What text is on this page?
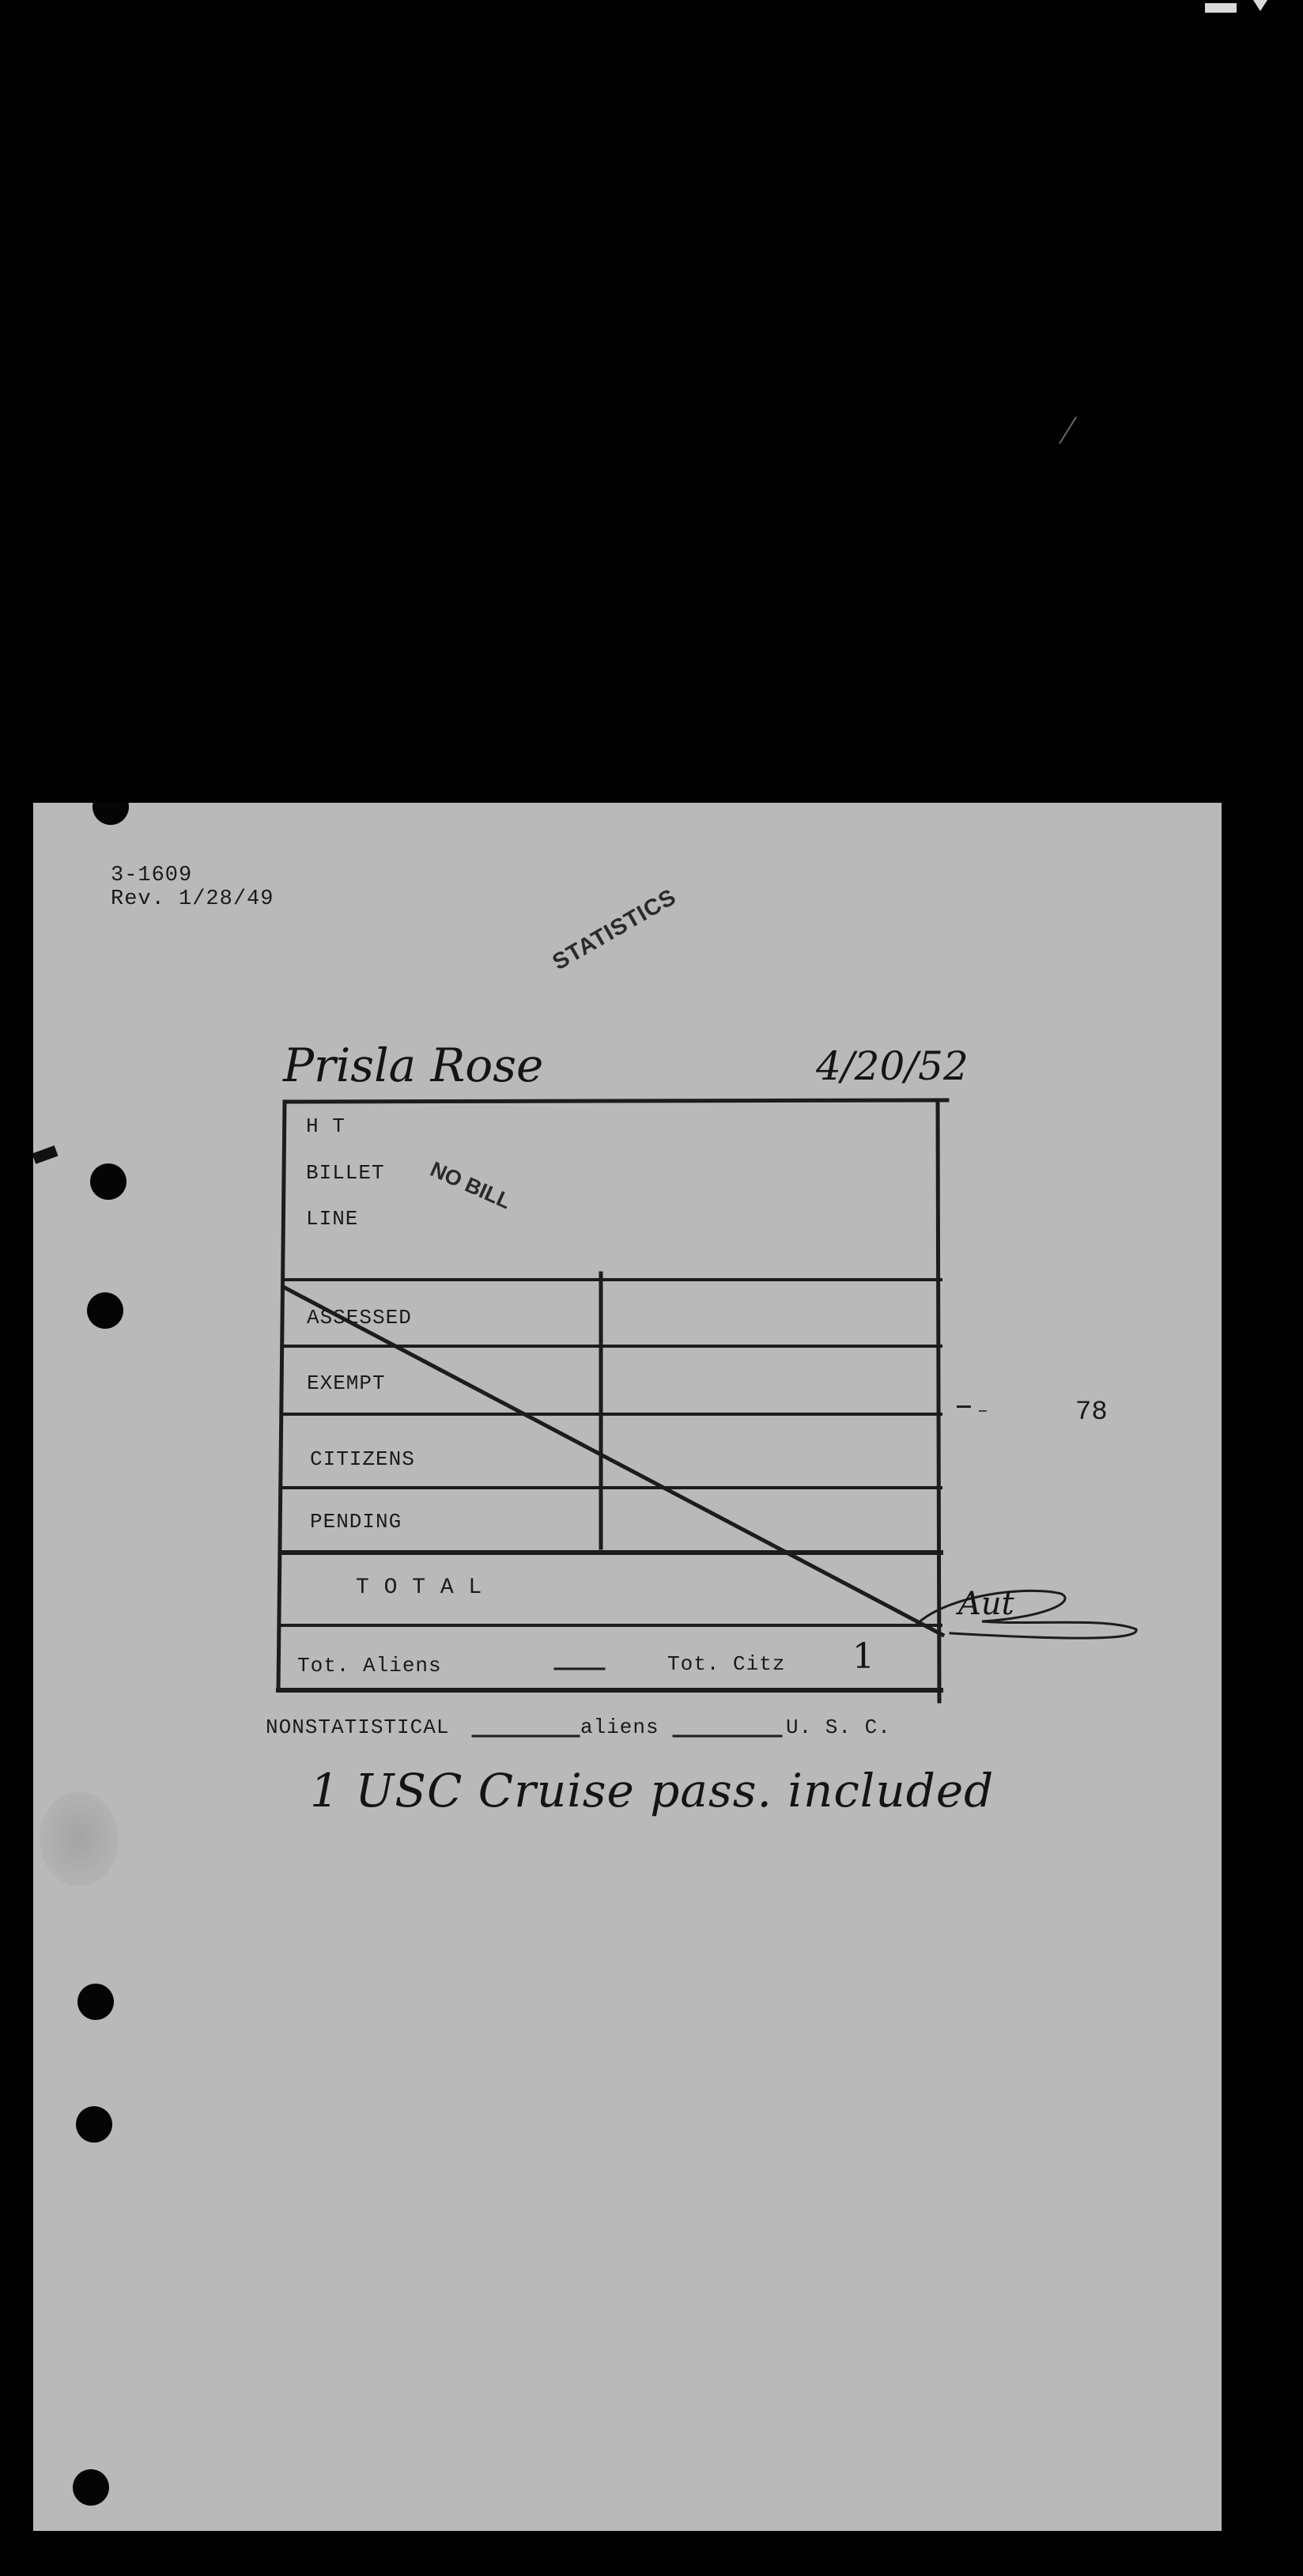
3-1609
Rev. 1/28/49	STATISTICS
NO BILL
Prisla Rose	4/20/52
Aut
H T
BILLET
LINE
ASSESSED
EXEMPT
CITIZENS
PENDING
T O T A L
Tot. Aliens	Tot. Citz 1
NONSTATISTICAL	aliens	U. S. C.
1 USC Cruise pass. included
78
